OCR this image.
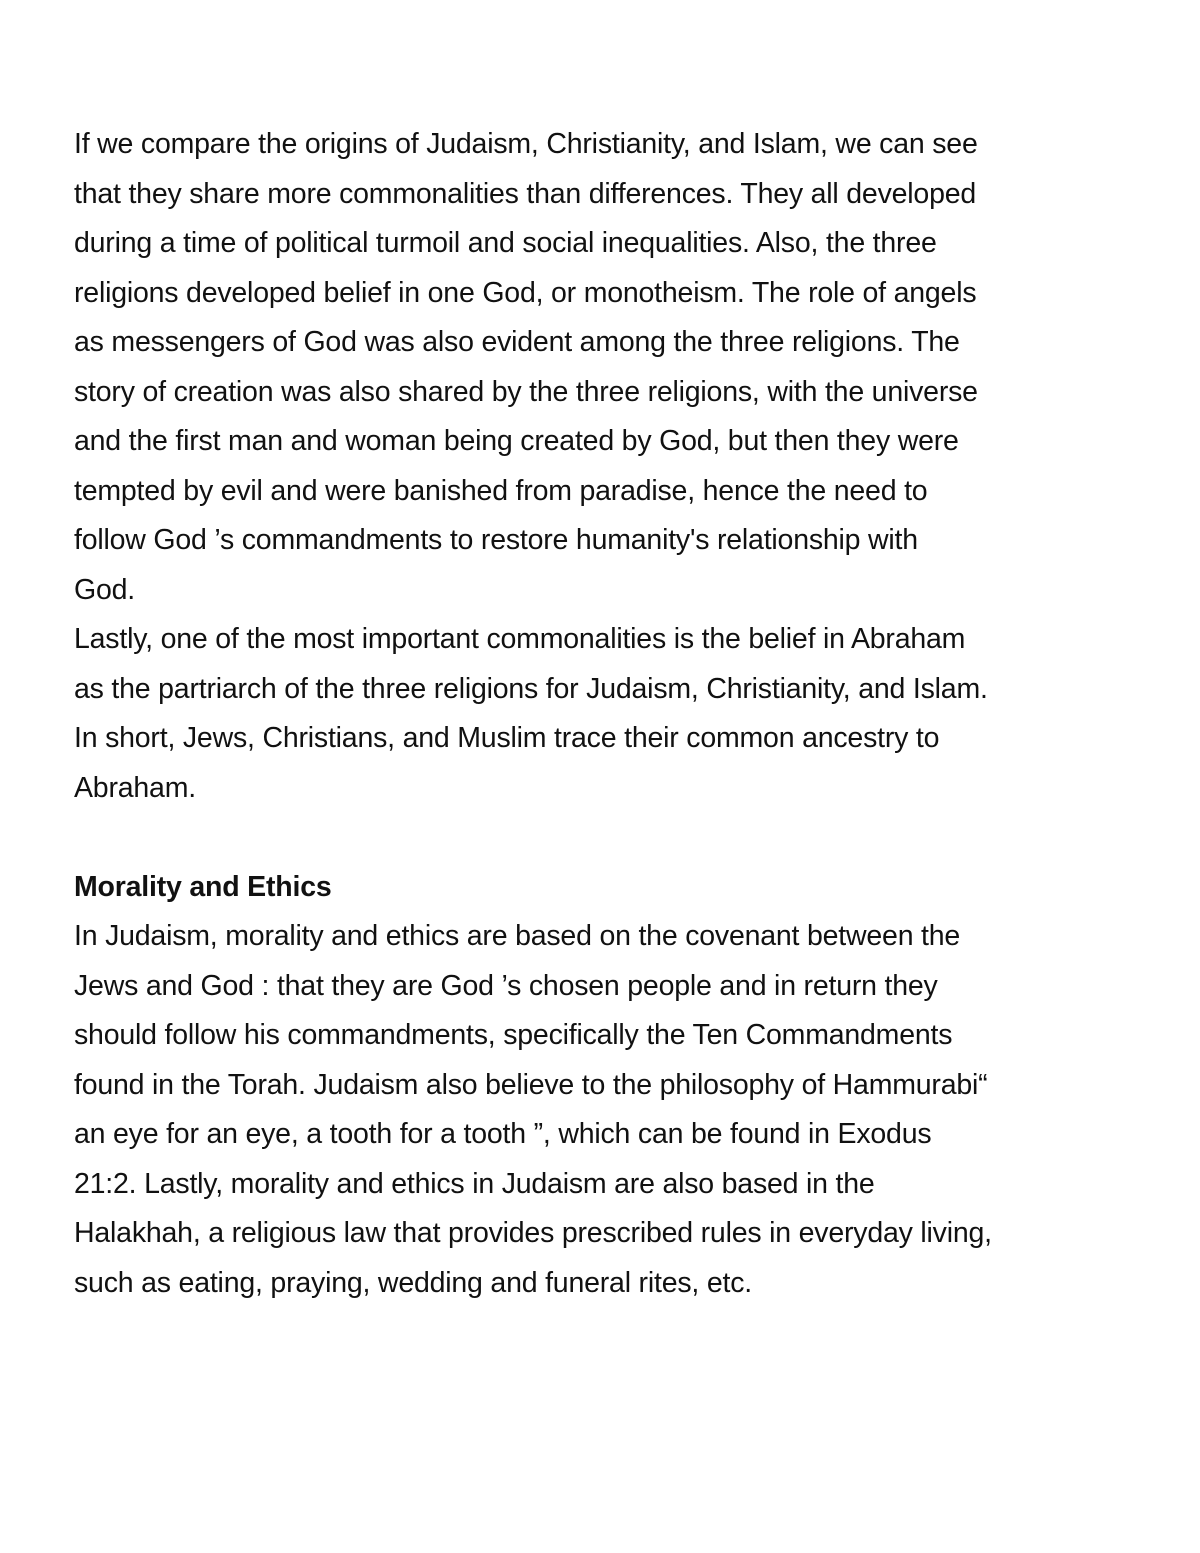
If we compare the origins of Judaism, Christianity, and Islam, we can see
that they share more commonalities than differences. They all developed
during a time of political turmoil and social inequalities. Also, the three
religions developed belief in one God, or monotheism. The role of angels
as messengers of God was also evident among the three religions. The
story of creation was also shared by the three religions, with the universe
and the first man and woman being created by God, but then they were
tempted by evil and were banished from paradise, hence the need to
follow God ’s commandments to restore humanity's relationship with
God.
Lastly, one of the most important commonalities is the belief in Abraham
as the partriarch of the three religions for Judaism, Christianity, and Islam.
In short, Jews, Christians, and Muslim trace their common ancestry to
Abraham.
Morality and Ethics
In Judaism, morality and ethics are based on the covenant between the
Jews and God : that they are God ’s chosen people and in return they
should follow his commandments, specifically the Ten Commandments
found in the Torah. Judaism also believe to the philosophy of Hammurabi“
an eye for an eye, a tooth for a tooth ”, which can be found in Exodus
21:2. Lastly, morality and ethics in Judaism are also based in the
Halakhah, a religious law that provides prescribed rules in everyday living,
such as eating, praying, wedding and funeral rites, etc.
